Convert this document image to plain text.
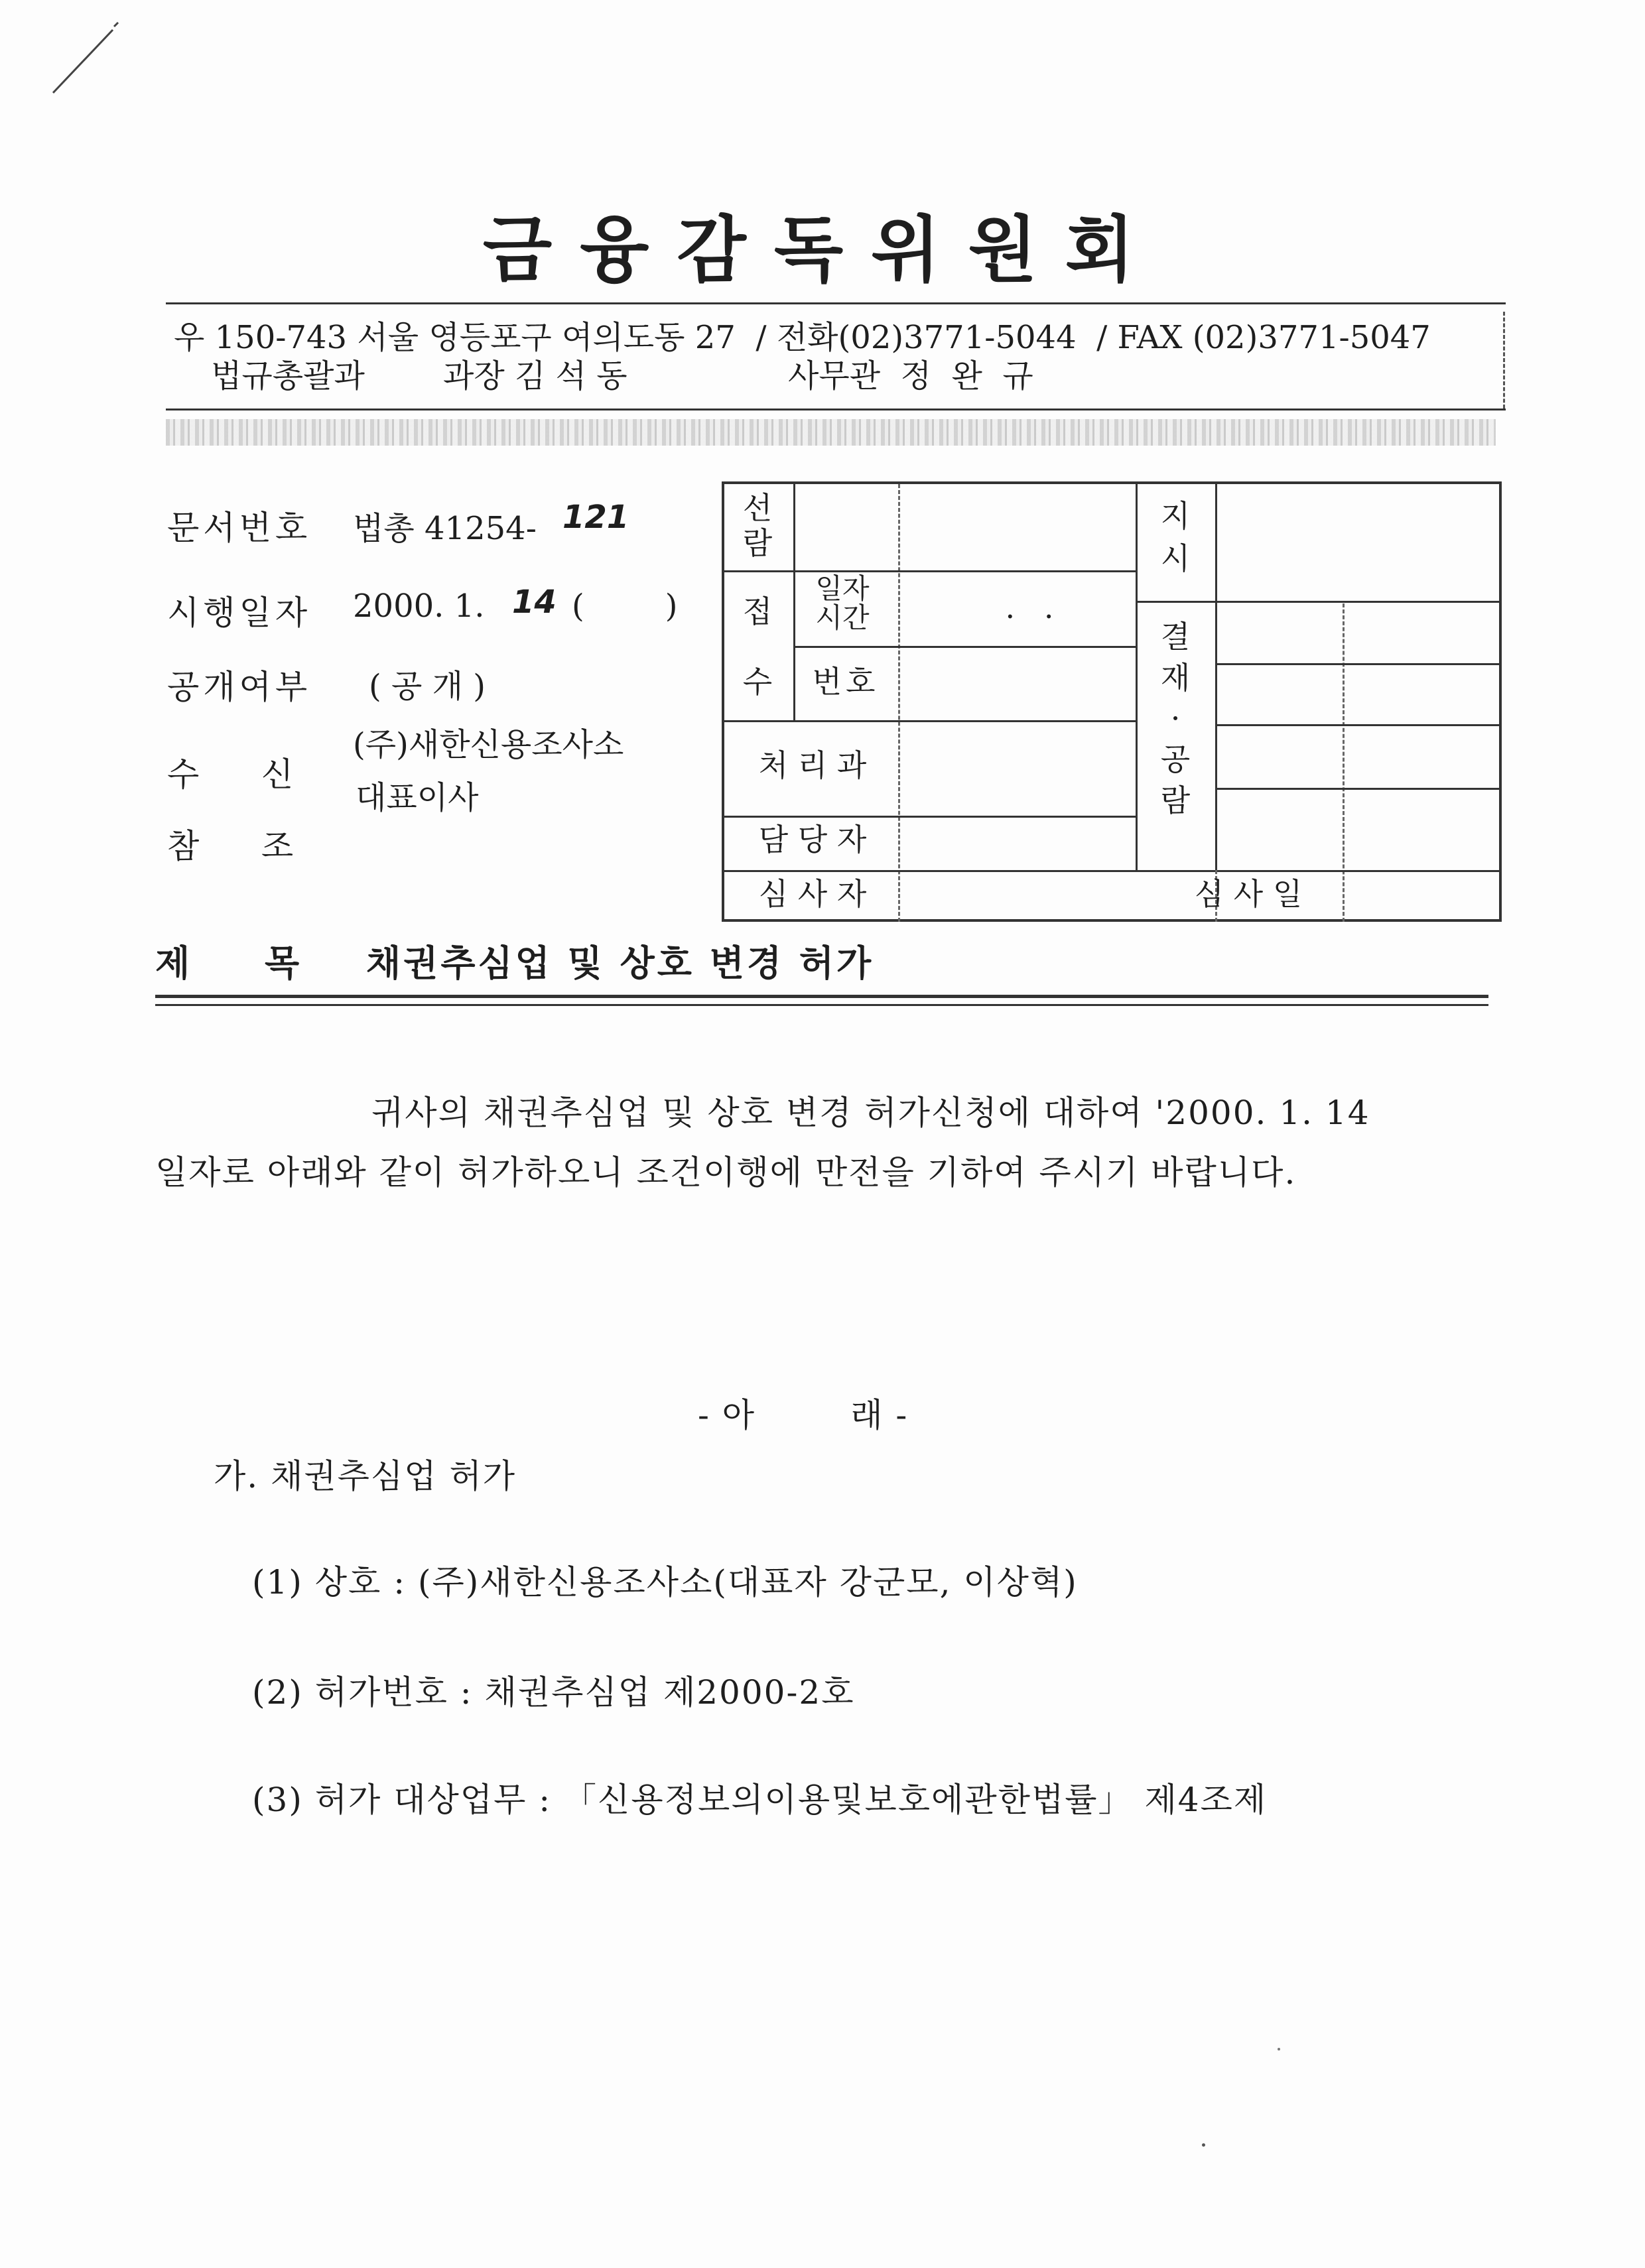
금융감독위원회
우 150-743 서울 영등포구 여의도동 27  / 전화(02)3771-5044  / FAX (02)3771-5047
법규총괄과 과장 김 석 동	사무관  정  완  규
문서번호 법총 41254- 121
시행일자 2000. 1. 14 (        )
공개여부 ( 공 개 )
수    신
(주)새한신용조사소
대표이사
참    조
선람
접
수
일자
시간	.   .
번호
처 리 과
담 당 자
심 사 자
지
시
결
재
·
공
람
심 사 일
제      목 채권추심업 및 상호 변경 허가
귀사의 채권추심업 및 상호 변경 허가신청에 대하여 '2000. 1. 14
일자로 아래와 같이 허가하오니 조건이행에 만전을 기하여 주시기 바랍니다.
- 아        래 -
가. 채권추심업 허가
(1) 상호 : (주)새한신용조사소(대표자 강군모, 이상혁)
(2) 허가번호 : 채권추심업 제2000-2호
(3) 허가 대상업무 : 「신용정보의이용및보호에관한법률」 제4조제
